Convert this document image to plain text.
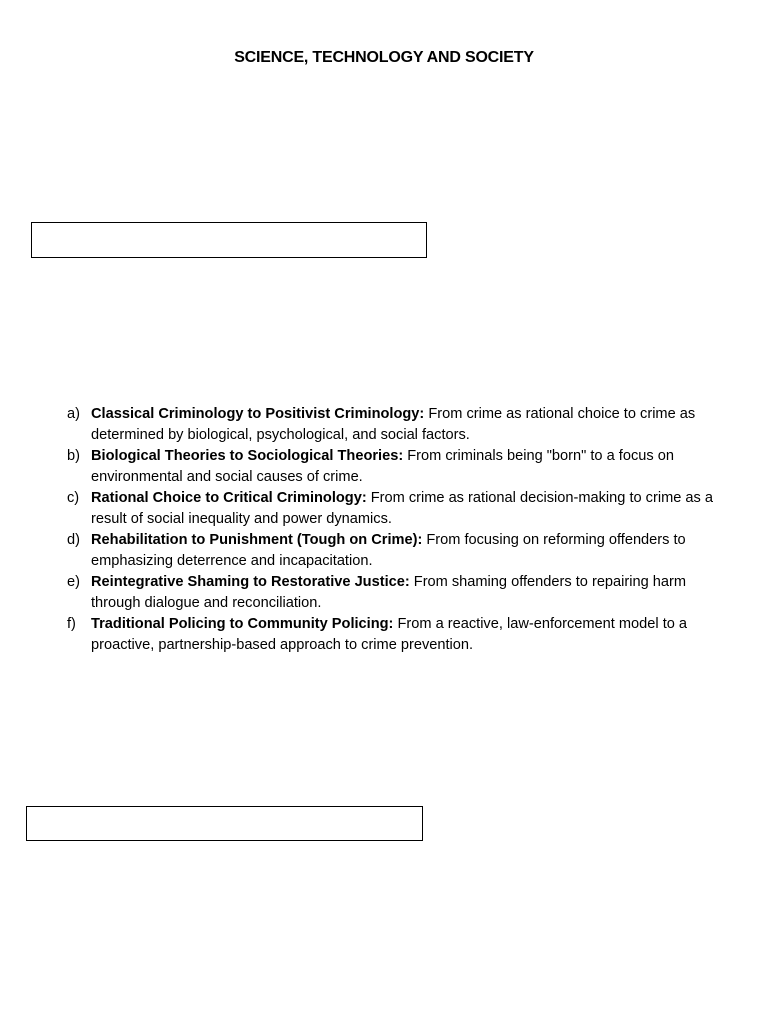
SCIENCE, TECHNOLOGY AND SOCIETY
a) Classical Criminology to Positivist Criminology: From crime as rational choice to crime as determined by biological, psychological, and social factors.
b) Biological Theories to Sociological Theories: From criminals being "born" to a focus on environmental and social causes of crime.
c) Rational Choice to Critical Criminology: From crime as rational decision-making to crime as a result of social inequality and power dynamics.
d) Rehabilitation to Punishment (Tough on Crime): From focusing on reforming offenders to emphasizing deterrence and incapacitation.
e) Reintegrative Shaming to Restorative Justice: From shaming offenders to repairing harm through dialogue and reconciliation.
f) Traditional Policing to Community Policing: From a reactive, law-enforcement model to a proactive, partnership-based approach to crime prevention.
